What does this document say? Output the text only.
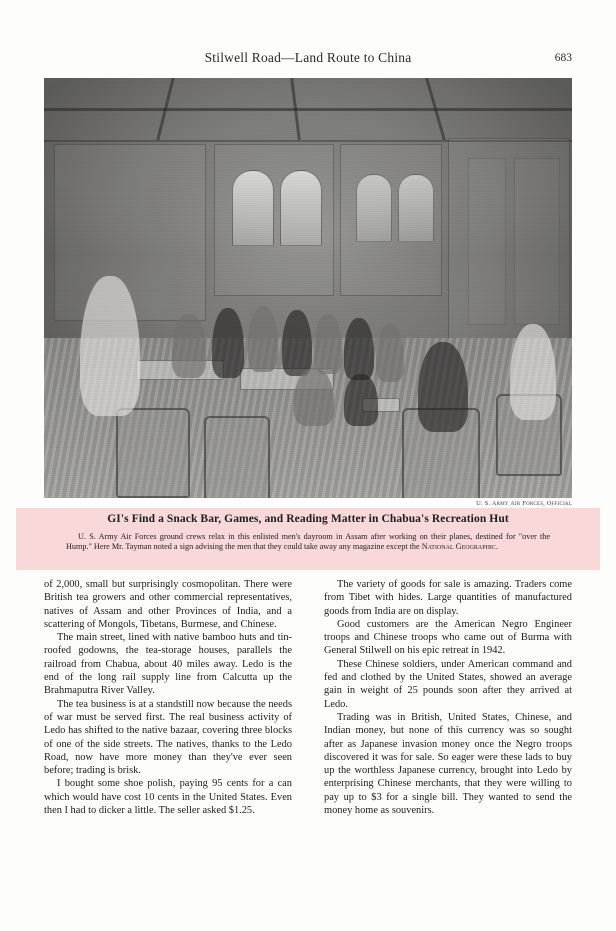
Stilwell Road—Land Route to China	683
U. S. Army Air Forces, Official
GI's Find a Snack Bar, Games, and Reading Matter in Chabua's Recreation Hut
U. S. Army Air Forces ground crews relax in this enlisted men's dayroom in Assam after working on their planes, destined for "over the Hump." Here Mr. Tayman noted a sign advising the men that they could take away any magazine except the National Geographic.

of 2,000, small but surprisingly cosmopolitan. There were British tea growers and other commercial representatives, natives of Assam and other Provinces of India, and a scattering of Mongols, Tibetans, Burmese, and Chinese.

The main street, lined with native bamboo huts and tin-roofed godowns, the tea-storage houses, parallels the railroad from Chabua, about 40 miles away. Ledo is the end of the long rail supply line from Calcutta up the Brahmaputra River Valley.

The tea business is at a standstill now because the needs of war must be served first. The real business activity of Ledo has shifted to the native bazaar, covering three blocks of one of the side streets. The natives, thanks to the Ledo Road, now have more money than they've ever seen before; trading is brisk.

I bought some shoe polish, paying 95 cents for a can which would have cost 10 cents in the United States. Even then I had to dicker a little. The seller asked $1.25.

The variety of goods for sale is amazing. Traders come from Tibet with hides. Large quantities of manufactured goods from India are on display.

Good customers are the American Negro Engineer troops and Chinese troops who came out of Burma with General Stilwell on his epic retreat in 1942.

These Chinese soldiers, under American command and fed and clothed by the United States, showed an average gain in weight of 25 pounds soon after they arrived at Ledo.

Trading was in British, United States, Chinese, and Indian money, but none of this currency was so sought after as Japanese invasion money once the Negro troops discovered it was for sale. So eager were these lads to buy up the worthless Japanese currency, brought into Ledo by enterprising Chinese merchants, that they were willing to pay up to $3 for a single bill. They wanted to send the money home as souvenirs.
